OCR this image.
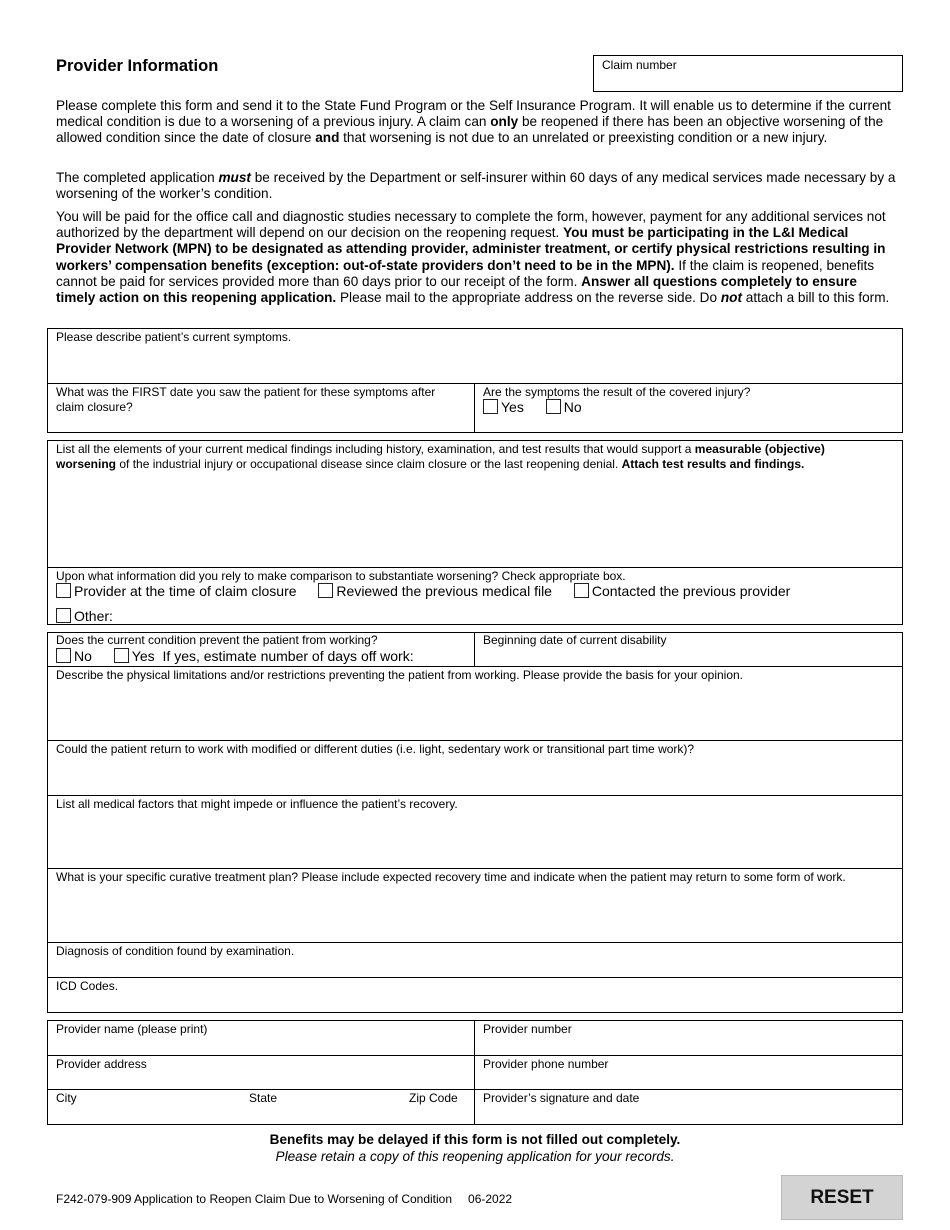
Provider Information	Claim number
Please complete this form and send it to the State Fund Program or the Self Insurance Program. It will enable us to determine if the current medical condition is due to a worsening of a previous injury. A claim can only be reopened if there has been an objective worsening of the allowed condition since the date of closure and that worsening is not due to an unrelated or preexisting condition or a new injury.
The completed application must be received by the Department or self-insurer within 60 days of any medical services made necessary by a worsening of the worker’s condition.
You will be paid for the office call and diagnostic studies necessary to complete the form, however, payment for any additional services not authorized by the department will depend on our decision on the reopening request. You must be participating in the L&I Medical Provider Network (MPN) to be designated as attending provider, administer treatment, or certify physical restrictions resulting in workers’ compensation benefits (exception: out-of-state providers don’t need to be in the MPN). If the claim is reopened, benefits cannot be paid for services provided more than 60 days prior to our receipt of the form. Answer all questions completely to ensure timely action on this reopening application. Please mail to the appropriate address on the reverse side. Do not attach a bill to this form.
Please describe patient’s current symptoms.
What was the FIRST date you saw the patient for these symptoms after claim closure?
Are the symptoms the result of the covered injury?
Yes	No
List all the elements of your current medical findings including history, examination, and test results that would support a measurable (objective) worsening of the industrial injury or occupational disease since claim closure or the last reopening denial. Attach test results and findings.
Upon what information did you rely to make comparison to substantiate worsening? Check appropriate box.
Provider at the time of claim closure	Reviewed the previous medical file	Contacted the previous provider
Other:
Does the current condition prevent the patient from working?
No	Yes If yes, estimate number of days off work:
Beginning date of current disability
Describe the physical limitations and/or restrictions preventing the patient from working. Please provide the basis for your opinion.
Could the patient return to work with modified or different duties (i.e. light, sedentary work or transitional part time work)?
List all medical factors that might impede or influence the patient’s recovery.
What is your specific curative treatment plan? Please include expected recovery time and indicate when the patient may return to some form of work.
Diagnosis of condition found by examination.
ICD Codes.
Provider name (please print)	Provider number
Provider address	Provider phone number
City	State	Zip Code Provider’s signature and date
Benefits may be delayed if this form is not filled out completely.
Please retain a copy of this reopening application for your records.
F242-079-909 Application to Reopen Claim Due to Worsening of Condition 06-2022	RESET
